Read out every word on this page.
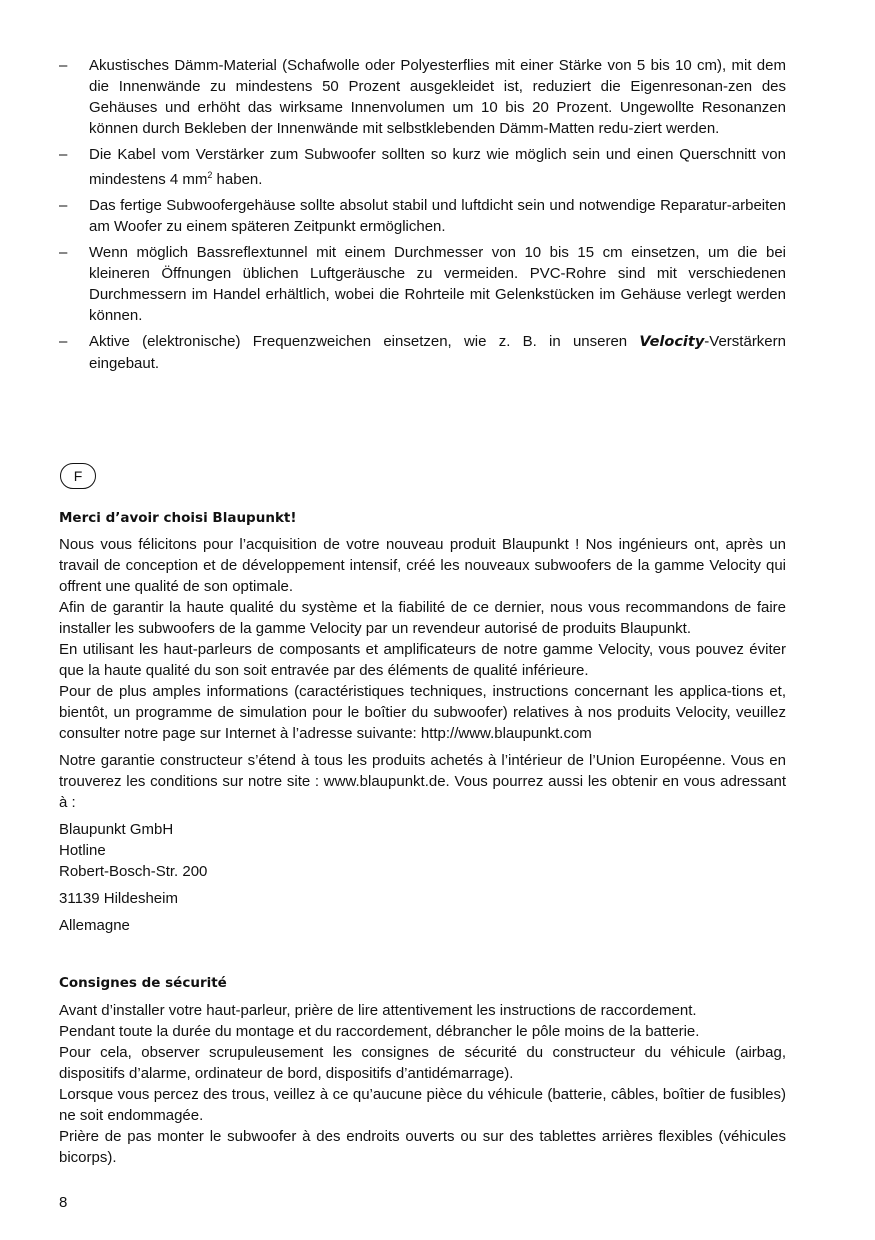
– Akustisches Dämm-Material (Schafwolle oder Polyesterflies mit einer Stärke von 5 bis 10 cm), mit dem die Innenwände zu mindestens 50 Prozent ausgekleidet ist, reduziert die Eigenresonan-zen des Gehäuses und erhöht das wirksame Innenvolumen um 10 bis 20 Prozent. Ungewollte Resonanzen können durch Bekleben der Innenwände mit selbstklebenden Dämm-Matten redu-ziert werden.
– Die Kabel vom Verstärker zum Subwoofer sollten so kurz wie möglich sein und einen Querschnitt von mindestens 4 $mm^2$ haben.
– Das fertige Subwoofergehäuse sollte absolut stabil und luftdicht sein und notwendige Reparatur-arbeiten am Woofer zu einem späteren Zeitpunkt ermöglichen.
– Wenn möglich Bassreflextunnel mit einem Durchmesser von 10 bis 15 cm einsetzen, um die bei kleineren Öffnungen üblichen Luftgeräusche zu vermeiden. PVC-Rohre sind mit verschiedenen Durchmessern im Handel erhältlich, wobei die Rohrteile mit Gelenkstücken im Gehäuse verlegt werden können.
– Aktive (elektronische) Frequenzweichen einsetzen, wie z. B. in unseren Velocity-Verstärkern eingebaut.
F
Merci d’avoir choisi Blaupunkt!

Nous vous félicitons pour l’acquisition de votre nouveau produit Blaupunkt ! Nos ingénieurs ont, après un travail de conception et de développement intensif, créé les nouveaux subwoofers de la gamme Velocity qui offrent une qualité de son optimale.

Afin de garantir la haute qualité du système et la fiabilité de ce dernier, nous vous recommandons de faire installer les subwoofers de la gamme Velocity par un revendeur autorisé de produits Blaupunkt.

En utilisant les haut-parleurs de composants et amplificateurs de notre gamme Velocity, vous pouvez éviter que la haute qualité du son soit entravée par des éléments de qualité inférieure.

Pour de plus amples informations (caractéristiques techniques, instructions concernant les applica-tions et, bientôt, un programme de simulation pour le boîtier du subwoofer) relatives à nos produits Velocity, veuillez consulter notre page sur Internet à l’adresse suivante: http://www.blaupunkt.com

Notre garantie constructeur s’étend à tous les produits achetés à l’intérieur de l’Union Européenne. Vous en trouverez les conditions sur notre site : www.blaupunkt.de. Vous pourrez aussi les obtenir en vous adressant à :

Blaupunkt GmbH

Hotline

Robert-Bosch-Str. 200

31139 Hildesheim

Allemagne

Consignes de sécurité

Avant d’installer votre haut-parleur, prière de lire attentivement les instructions de raccordement.

Pendant toute la durée du montage et du raccordement, débrancher le pôle moins de la batterie.

Pour cela, observer scrupuleusement les consignes de sécurité du constructeur du véhicule (airbag, dispositifs d’alarme, ordinateur de bord, dispositifs d’antidémarrage).

Lorsque vous percez des trous, veillez à ce qu’aucune pièce du véhicule (batterie, câbles, boîtier de fusibles) ne soit endommagée.

Prière de pas monter le subwoofer à des endroits ouverts ou sur des tablettes arrières flexibles (véhicules bicorps).

8
